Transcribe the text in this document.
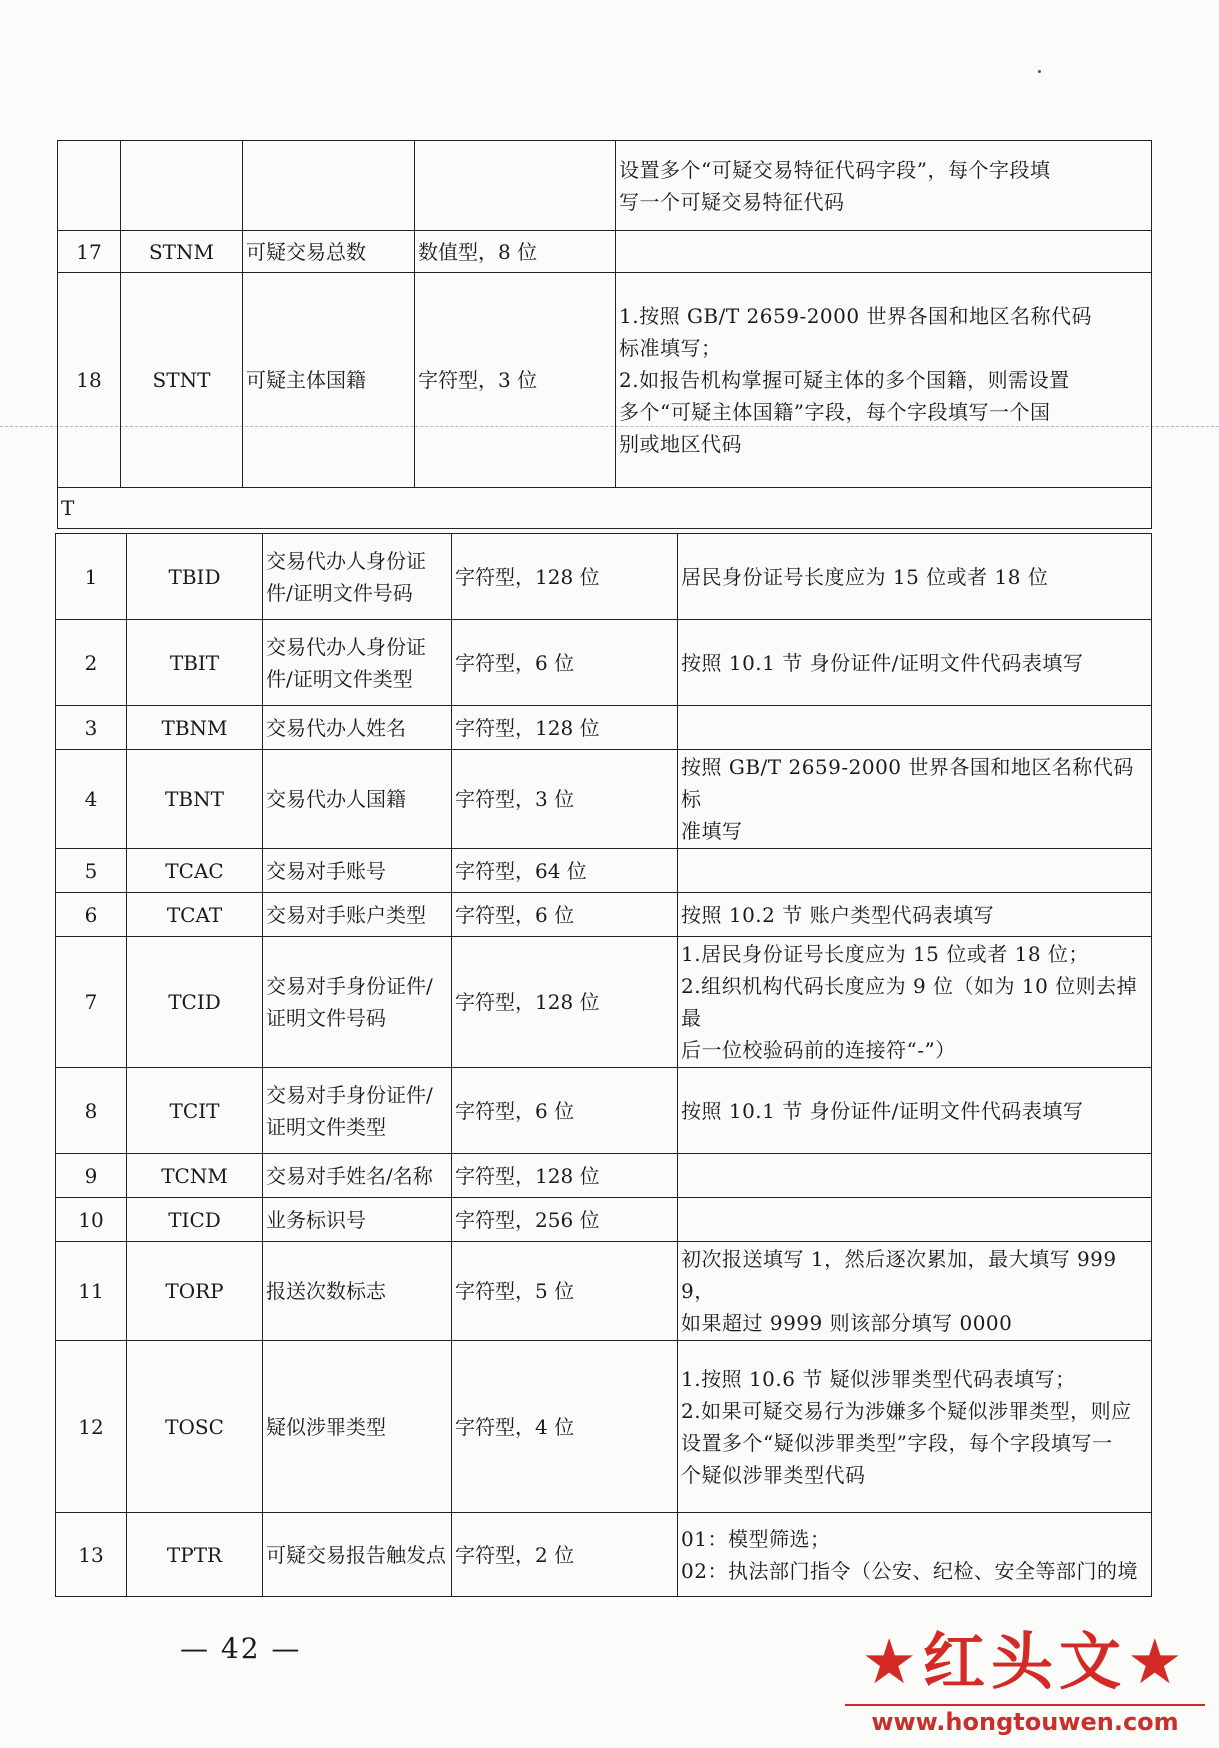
				设置多个“可疑交易特征代码字段”，每个字段填
写一个可疑交易特征代码

17	STNM	可疑交易总数	数值型，8 位	
18	STNT	可疑主体国籍	字符型，3 位	1.按照 GB/T 2659-2000 世界各国和地区名称代码
标准填写；
2.如报告机构掌握可疑主体的多个国籍，则需设置
多个“可疑主体国籍”字段，每个字段填写一个国
别或地区代码

T				
1	TBID	交易代办人身份证件/证明文件号码	字符型，128 位	居民身份证号长度应为 15 位或者 18 位

2	TBIT	交易代办人身份证件/证明文件类型	字符型，6 位	按照 10.1 节 身份证件/证明文件代码表填写

3	TBNM	交易代办人姓名	字符型，128 位	
4	TBNT	交易代办人国籍	字符型，3 位	按照 GB/T 2659-2000 世界各国和地区名称代码标
准填写

5	TCAC	交易对手账号	字符型，64 位	
6	TCAT	交易对手账户类型	字符型，6 位	按照 10.2 节 账户类型代码表填写

7	TCID	交易对手身份证件/证明文件号码	字符型，128 位	1.居民身份证号长度应为 15 位或者 18 位；
2.组织机构代码长度应为 9 位（如为 10 位则去掉最
后一位校验码前的连接符“-”）

8	TCIT	交易对手身份证件/证明文件类型	字符型，6 位	按照 10.1 节 身份证件/证明文件代码表填写

9	TCNM	交易对手姓名/名称	字符型，128 位	
10	TICD	业务标识号	字符型，256 位	
11	TORP	报送次数标志	字符型，5 位	初次报送填写 1，然后逐次累加，最大填写 9999，
如果超过 9999 则该部分填写 0000

12	TOSC	疑似涉罪类型	字符型，4 位	1.按照 10.6 节 疑似涉罪类型代码表填写；
2.如果可疑交易行为涉嫌多个疑似涉罪类型，则应
设置多个“疑似涉罪类型”字段，每个字段填写一
个疑似涉罪类型代码

13	TPTR	可疑交易报告触发点	字符型，2 位	01：模型筛选；
02：执法部门指令（公安、纪检、安全等部门的境
— 42 —	★红头文★
www.hongtouwen.com
